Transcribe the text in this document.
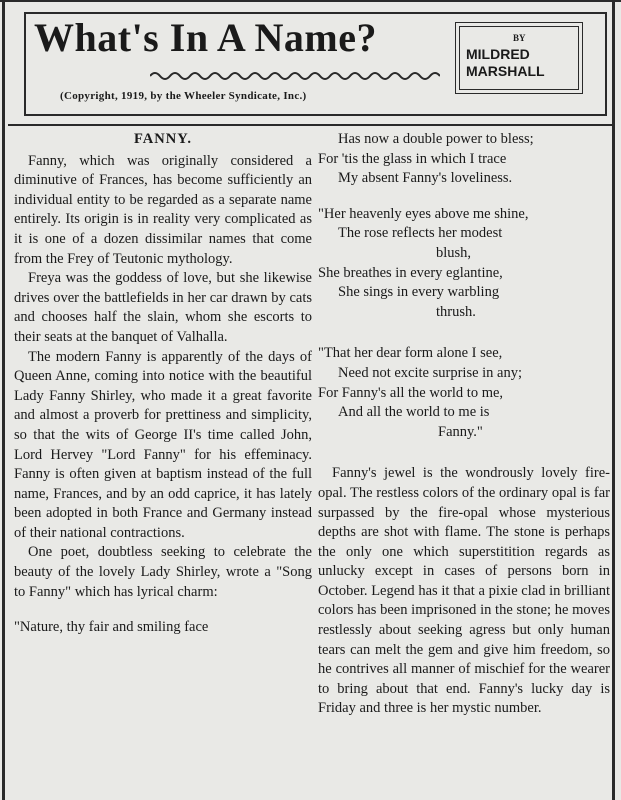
What's In A Name?
(Copyright, 1919, by the Wheeler Syndicate, Inc.)
BY
MILDRED MARSHALL
FANNY.

Fanny, which was originally considered a diminutive of Frances, has become sufficiently an individual entity to be regarded as a separate name entirely. Its origin is in reality very complicated as it is one of a dozen dissimilar names that come from the Frey of Teutonic mythology.

Freya was the goddess of love, but she likewise drives over the battlefields in her car drawn by cats and chooses half the slain, whom she escorts to their seats at the banquet of Valhalla.

The modern Fanny is apparently of the days of Queen Anne, coming into notice with the beautiful Lady Fanny Shirley, who made it a great favorite and almost a proverb for prettiness and simplicity, so that the wits of George II's time called John, Lord Hervey "Lord Fanny" for his effeminacy. Fanny is often given at baptism instead of the full name, Frances, and by an odd caprice, it has lately been adopted in both France and Germany instead of their national contractions.

One poet, doubtless seeking to celebrate the beauty of the lovely Lady Shirley, wrote a "Song to Fanny" which has lyrical charm:

"Nature, thy fair and smiling face

Has now a double power to bless;
For 'tis the glass in which I trace
My absent Fanny's loveliness.
"Her heavenly eyes above me shine,
The rose reflects her modest
blush,
She breathes in every eglantine,
She sings in every warbling
thrush.
"That her dear form alone I see,
Need not excite surprise in any;
For Fanny's all the world to me,
And all the world to me is
Fanny."

Fanny's jewel is the wondrously lovely fire-opal. The restless colors of the ordinary opal is far surpassed by the fire-opal whose mysterious depths are shot with flame. The stone is perhaps the only one which superstitition regards as unlucky except in cases of persons born in October. Legend has it that a pixie clad in brilliant colors has been imprisoned in the stone; he moves restlessly about seeking agress but only human tears can melt the gem and give him freedom, so he contrives all manner of mischief for the wearer to bring about that end. Fanny's lucky day is Friday and three is her mystic number.
